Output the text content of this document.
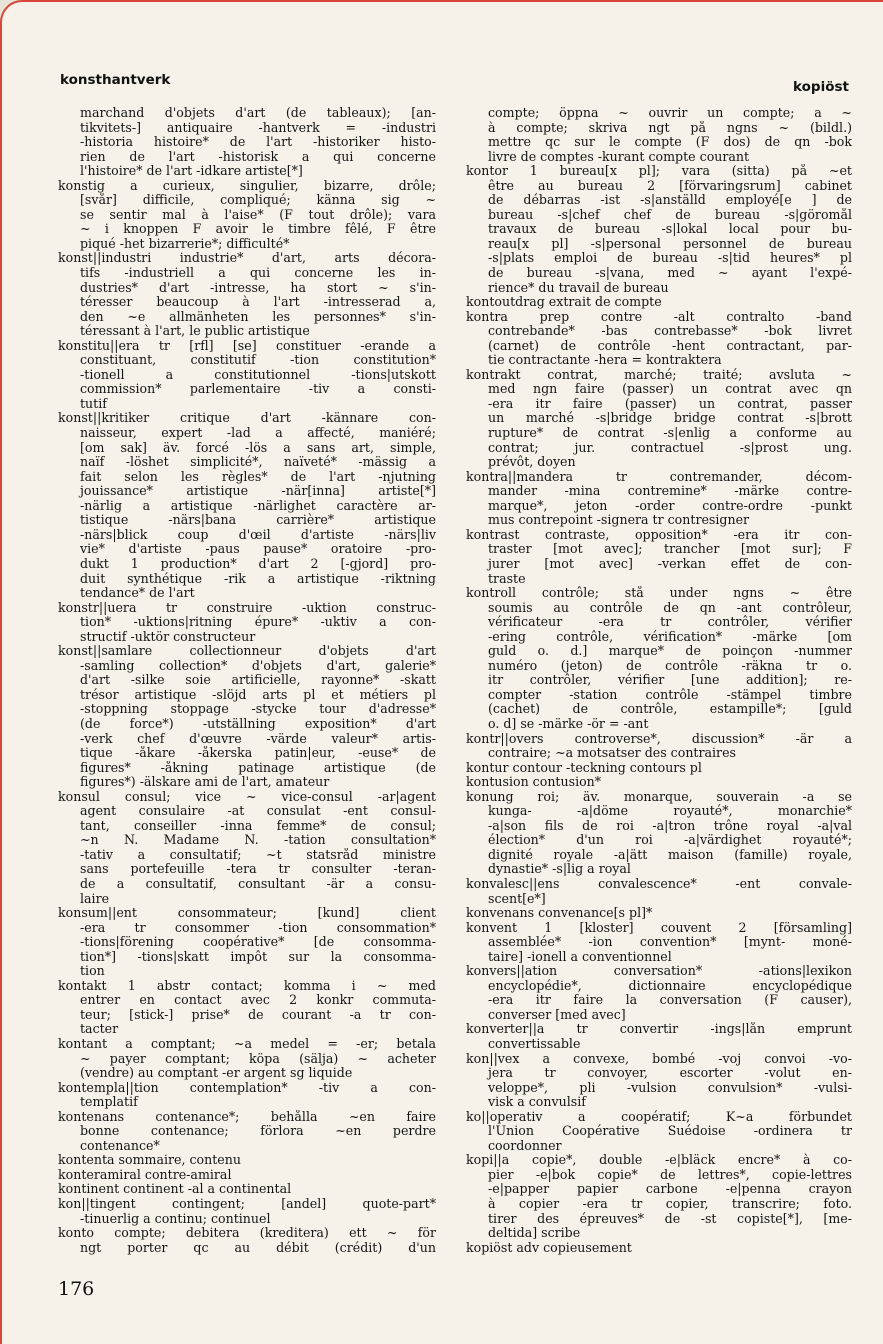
konsthantverk	kopiöst
marchand d'objets d'art (de tableaux); [an-
tikvitets-] antiquaire -hantverk = -industri
-historia histoire* de l'art -historiker histo-
rien de l'art -historisk a qui concerne
l'histoire* de l'art -idkare artiste[*]
konstig a curieux, singulier, bizarre, drôle;
[svår] difficile, compliqué; känna sig ~
se sentir mal à l'aise* (F tout drôle); vara
~ i knoppen F avoir le timbre fêlé, F être
piqué -het bizarrerie*; difficulté*
konst||industri industrie* d'art, arts décora-
tifs -industriell a qui concerne les in-
dustries* d'art -intresse, ha stort ~ s'in-
téresser beaucoup à l'art -intresserad a,
den ~e allmänheten les personnes* s'in-
téressant à l'art, le public artistique
konstitu||era tr [rfl] [se] constituer -erande a
constituant, constitutif -tion constitution*
-tionell a constitutionnel -tions|utskott
commission* parlementaire -tiv a consti-
tutif
konst||kritiker critique d'art -kännare con-
naisseur, expert -lad a affecté, maniéré;
[om sak] äv. forcé -lös a sans art, simple,
naïf -löshet simplicité*, naïveté* -mässig a
fait selon les règles* de l'art -njutning
jouissance* artistique -när[inna] artiste[*]
-närlig a artistique -närlighet caractère ar-
tistique -närs|bana carrière* artistique
-närs|blick coup d'œil d'artiste -närs|liv
vie* d'artiste -paus pause* oratoire -pro-
dukt 1 production* d'art 2 [-gjord] pro-
duit synthétique -rik a artistique -riktning
tendance* de l'art
konstr||uera tr construire -uktion construc-
tion* -uktions|ritning épure* -uktiv a con-
structif -uktör constructeur
konst||samlare collectionneur d'objets d'art
-samling collection* d'objets d'art, galerie*
d'art -silke soie artificielle, rayonne* -skatt
trésor artistique -slöjd arts pl et métiers pl
-stoppning stoppage -stycke tour d'adresse*
(de force*) -utställning exposition* d'art
-verk chef d'œuvre -värde valeur* artis-
tique -åkare -åkerska patin|eur, -euse* de
figures* -åkning patinage artistique (de
figures*) -älskare ami de l'art, amateur
konsul consul; vice ~ vice-consul -ar|agent
agent consulaire -at consulat -ent consul-
tant, conseiller -inna femme* de consul;
~n N. Madame N. -tation consultation*
-tativ a consultatif; ~t statsråd ministre
sans portefeuille -tera tr consulter -teran-
de a consultatif, consultant -är a consu-
laire
konsum||ent consommateur; [kund] client
-era tr consommer -tion consommation*
-tions|förening coopérative* [de consomma-
tion*] -tions|skatt impôt sur la consomma-
tion
kontakt 1 abstr contact; komma i ~ med
entrer en contact avec 2 konkr commuta-
teur; [stick-] prise* de courant -a tr con-
tacter
kontant a comptant; ~a medel = -er; betala
~ payer comptant; köpa (sälja) ~ acheter
(vendre) au comptant -er argent sg liquide
kontempla||tion contemplation* -tiv a con-
templatif
kontenans contenance*; behålla ~en faire
bonne contenance; förlora ~en perdre
contenance*
kontenta sommaire, contenu
konteramiral contre-amiral
kontinent continent -al a continental
kon||tingent contingent; [andel] quote-part*
-tinuerlig a continu; continuel
konto compte; debitera (kreditera) ett ~ för
ngt porter qc au débit (crédit) d'un
compte; öppna ~ ouvrir un compte; a ~
à compte; skriva ngt på ngns ~ (bildl.)
mettre qc sur le compte (F dos) de qn -bok
livre de comptes -kurant compte courant
kontor 1 bureau[x pl]; vara (sitta) på ~et
être au bureau 2 [förvaringsrum] cabinet
de débarras -ist -s|anställd employé[e ] de
bureau -s|chef chef de bureau -s|göromål
travaux de bureau -s|lokal local pour bu-
reau[x pl] -s|personal personnel de bureau
-s|plats emploi de bureau -s|tid heures* pl
de bureau -s|vana, med ~ ayant l'expé-
rience* du travail de bureau
kontoutdrag extrait de compte
kontra prep contre -alt contralto -band
contrebande* -bas contrebasse* -bok livret
(carnet) de contrôle -hent contractant, par-
tie contractante -hera = kontraktera
kontrakt contrat, marché; traité; avsluta ~
med ngn faire (passer) un contrat avec qn
-era itr faire (passer) un contrat, passer
un marché -s|bridge bridge contrat -s|brott
rupture* de contrat -s|enlig a conforme au
contrat; jur. contractuel -s|prost ung.
prévôt, doyen
kontra||mandera tr contremander, décom-
mander -mina contremine* -märke contre-
marque*, jeton -order contre-ordre -punkt
mus contrepoint -signera tr contresigner
kontrast contraste, opposition* -era itr con-
traster [mot avec]; trancher [mot sur]; F
jurer [mot avec] -verkan effet de con-
traste
kontroll contrôle; stå under ngns ~ être
soumis au contrôle de qn -ant contrôleur,
vérificateur -era tr contrôler, vérifier
-ering contrôle, vérification* -märke [om
guld o. d.] marque* de poinçon -nummer
numéro (jeton) de contrôle -räkna tr o.
itr contrôler, vérifier [une addition]; re-
compter -station contrôle -stämpel timbre
(cachet) de contrôle, estampille*; [guld
o. d] se -märke -ör = -ant
kontr||overs controverse*, discussion* -är a
contraire; ~a motsatser des contraires
kontur contour -teckning contours pl
kontusion contusion*
konung roi; äv. monarque, souverain -a se
kunga- -a|döme royauté*, monarchie*
-a|son fils de roi -a|tron trône royal -a|val
élection* d'un roi -a|värdighet royauté*;
dignité royale -a|ätt maison (famille) royale,
dynastie* -s|lig a royal
konvalesc||ens convalescence* -ent convale-
scent[e*]
konvenans convenance[s pl]*
konvent 1 [kloster] couvent 2 [församling]
assemblée* -ion convention* [mynt- moné-
taire] -ionell a conventionnel
konvers||ation conversation* -ations|lexikon
encyclopédie*, dictionnaire encyclopédique
-era itr faire la conversation (F causer),
converser [med avec]
konverter||a tr convertir -ings|lån emprunt
convertissable
kon||vex a convexe, bombé -voj convoi -vo-
jera tr convoyer, escorter -volut en-
veloppe*, pli -vulsion convulsion* -vulsi-
visk a convulsif
ko||operativ a coopératif; K~a förbundet
l'Union Coopérative Suédoise -ordinera tr
coordonner
kopi||a copie*, double -e|bläck encre* à co-
pier -e|bok copie* de lettres*, copie-lettres
-e|papper papier carbone -e|penna crayon
à copier -era tr copier, transcrire; foto.
tirer des épreuves* de -st copiste[*], [me-
deltida] scribe
kopiöst adv copieusement
176
